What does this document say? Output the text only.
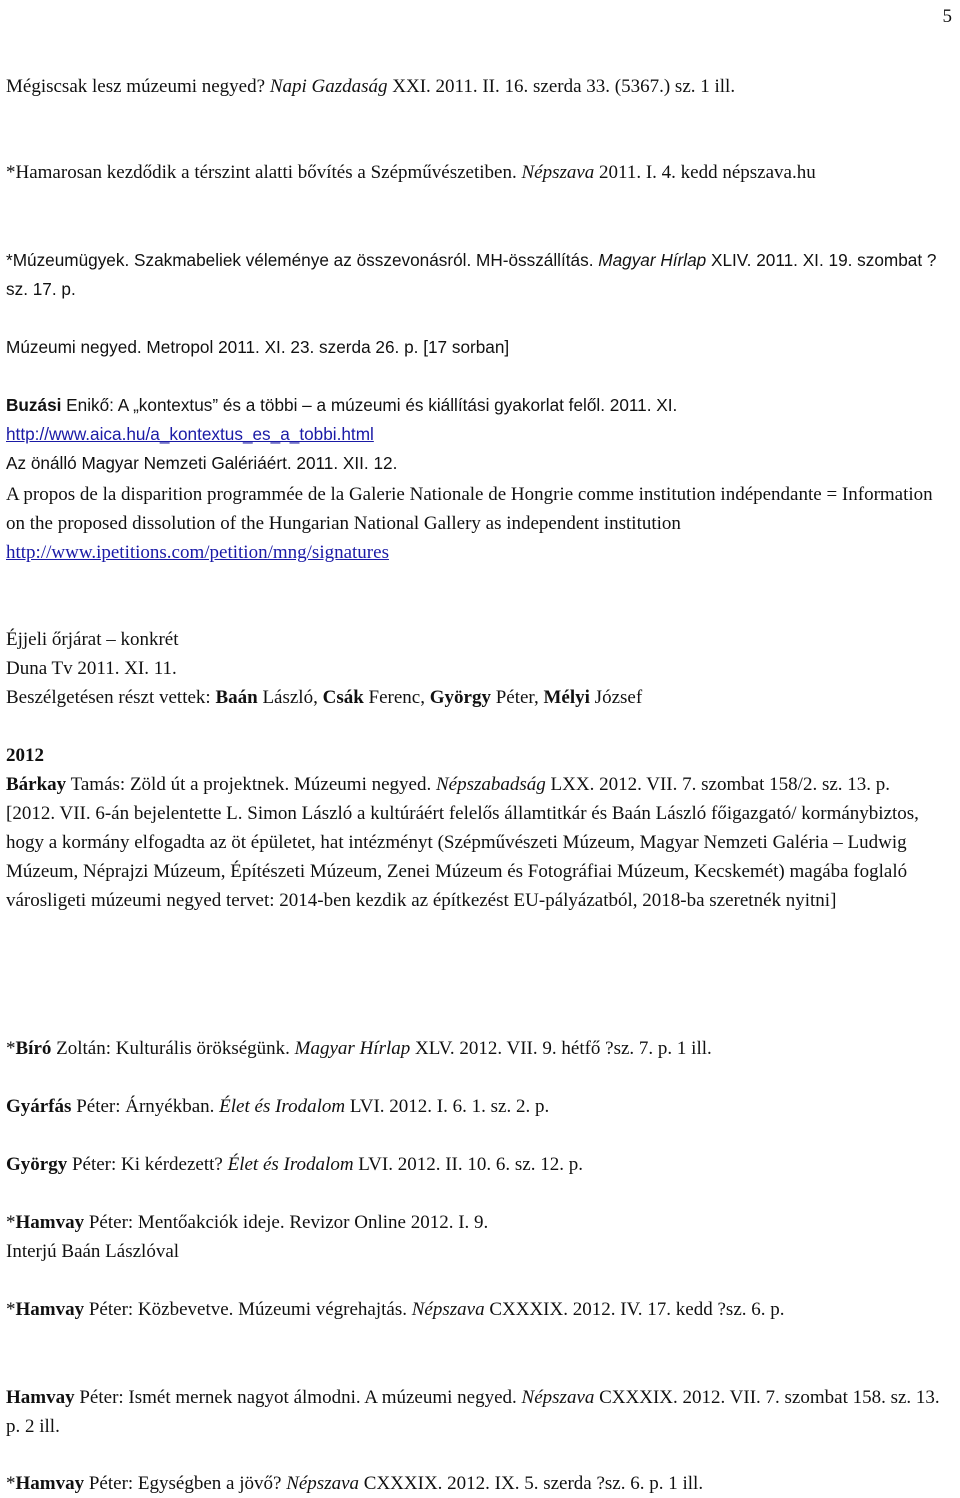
5
Mégiscsak lesz múzeumi negyed? Napi Gazdaság XXI. 2011. II. 16. szerda 33. (5367.) sz. 1 ill.
*Hamarosan kezdődik a térszint alatti bővítés a Szépművészetiben. Népszava 2011. I. 4. kedd népszava.hu
*Múzeumügyek. Szakmabeliek véleménye az összevonásról. MH-összállítás. Magyar Hírlap XLIV. 2011. XI. 19. szombat ?sz. 17. p.
Múzeumi negyed. Metropol 2011. XI. 23. szerda 26. p. [17 sorban]
Buzási Enikő: A „kontextus” és a többi – a múzeumi és kiállítási gyakorlat felől. 2011. XI.
http://www.aica.hu/a_kontextus_es_a_tobbi.html
Az önálló Magyar Nemzeti Galériáért. 2011. XII. 12.
A propos de la disparition programmée de la Galerie Nationale de Hongrie comme institution indépendante = Information on the proposed dissolution of the Hungarian National Gallery as independent institution
http://www.ipetitions.com/petition/mng/signatures
Éjjeli őrjárat – konkrét
Duna Tv 2011. XI. 11.
Beszélgetésen részt vettek: Baán László, Csák Ferenc, György Péter, Mélyi József
2012
Bárkay Tamás: Zöld út a projektnek. Múzeumi negyed. Népszabadság LXX. 2012. VII. 7. szombat 158/2. sz. 13. p.
[2012. VII. 6-án bejelentette L. Simon László a kultúráért felelős államtitkár és Baán László főigazgató/ kormánybiztos, hogy a kormány elfogadta az öt épületet, hat intézményt (Szépművészeti Múzeum, Magyar Nemzeti Galéria – Ludwig Múzeum, Néprajzi Múzeum, Építészeti Múzeum, Zenei Múzeum és Fotográfiai Múzeum, Kecskemét) magába foglaló városligeti múzeumi negyed tervet: 2014-ben kezdik az építkezést EU-pályázatból, 2018-ba szeretnék nyitni]
*Bíró Zoltán: Kulturális örökségünk. Magyar Hírlap XLV. 2012. VII. 9. hétfő ?sz. 7. p. 1 ill.
Gyárfás Péter: Árnyékban. Élet és Irodalom LVI. 2012. I. 6. 1. sz. 2. p.
György Péter: Ki kérdezett? Élet és Irodalom LVI. 2012. II. 10. 6. sz. 12. p.
*Hamvay Péter: Mentőakciók ideje. Revizor Online 2012. I. 9.
Interjú Baán Lászlóval
*Hamvay Péter: Közbevetve. Múzeumi végrehajtás. Népszava CXXXIX. 2012. IV. 17. kedd ?sz. 6. p.
Hamvay Péter: Ismét mernek nagyot álmodni. A múzeumi negyed. Népszava CXXXIX. 2012. VII. 7. szombat 158. sz. 13. p. 2 ill.
*Hamvay Péter: Egységben a jövő? Népszava CXXXIX. 2012. IX. 5. szerda ?sz. 6. p. 1 ill.
